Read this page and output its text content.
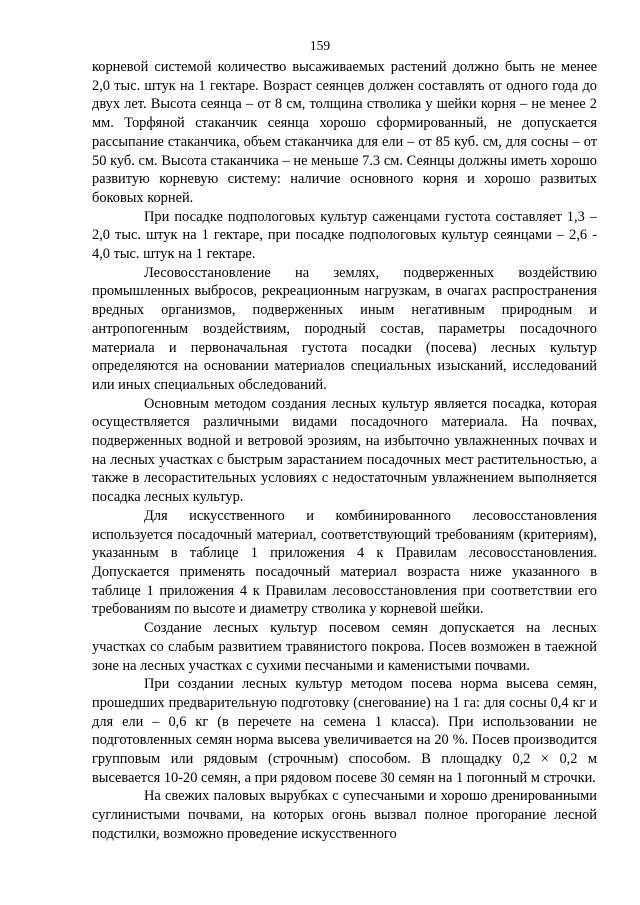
159

корневой системой количество высаживаемых растений должно быть не менее 2,0 тыс. штук на 1 гектаре. Возраст сеянцев должен составлять от одного года до двух лет. Высота сеянца – от 8 см, толщина стволика у шейки корня – не менее 2 мм. Торфяной стаканчик сеянца хорошо сформированный, не допускается рассыпание стаканчика, объем стаканчика для ели – от 85 куб. см, для сосны – от 50 куб. см. Высота стаканчика – не меньше 7.3 см. Сеянцы должны иметь хорошо развитую корневую систему: наличие основного корня и хорошо развитых боковых корней.

При посадке подпологовых культур саженцами густота составляет 1,3 – 2,0 тыс. штук на 1 гектаре, при посадке подпологовых культур сеянцами – 2,6 - 4,0 тыс. штук на 1 гектаре.

Лесовосстановление на землях, подверженных воздействию промышленных выбросов, рекреационным нагрузкам, в очагах распространения вредных организмов, подверженных иным негативным природным и антропогенным воздействиям, породный состав, параметры посадочного материала и первоначальная густота посадки (посева) лесных культур определяются на основании материалов специальных изысканий, исследований или иных специальных обследований.

Основным методом создания лесных культур является посадка, которая осуществляется различными видами посадочного материала. На почвах, подверженных водной и ветровой эрозиям, на избыточно увлажненных почвах и на лесных участках с быстрым зарастанием посадочных мест растительностью, а также в лесорастительных условиях с недостаточным увлажнением выполняется посадка лесных культур.

Для искусственного и комбинированного лесовосстановления используется посадочный материал, соответствующий требованиям (критериям), указанным в таблице 1 приложения 4 к Правилам лесовосстановления. Допускается применять посадочный материал возраста ниже указанного в таблице 1 приложения 4 к Правилам лесовосстановления при соответствии его требованиям по высоте и диаметру стволика у корневой шейки.

Создание лесных культур посевом семян допускается на лесных участках со слабым развитием травянистого покрова. Посев возможен в таежной зоне на лесных участках с сухими песчаными и каменистыми почвами.

При создании лесных культур методом посева норма высева семян, прошедших предварительную подготовку (снегование) на 1 га: для сосны 0,4 кг и для ели – 0,6 кг (в перечете на семена 1 класса). При использовании не подготовленных семян норма высева увеличивается на 20 %. Посев производится групповым или рядовым (строчным) способом. В площадку 0,2 × 0,2 м высевается 10-20 семян, а при рядовом посеве 30 семян на 1 погонный м строчки.

На свежих паловых вырубках с супесчаными и хорошо дренированными суглинистыми почвами, на которых огонь вызвал полное прогорание лесной подстилки, возможно проведение искусственного
